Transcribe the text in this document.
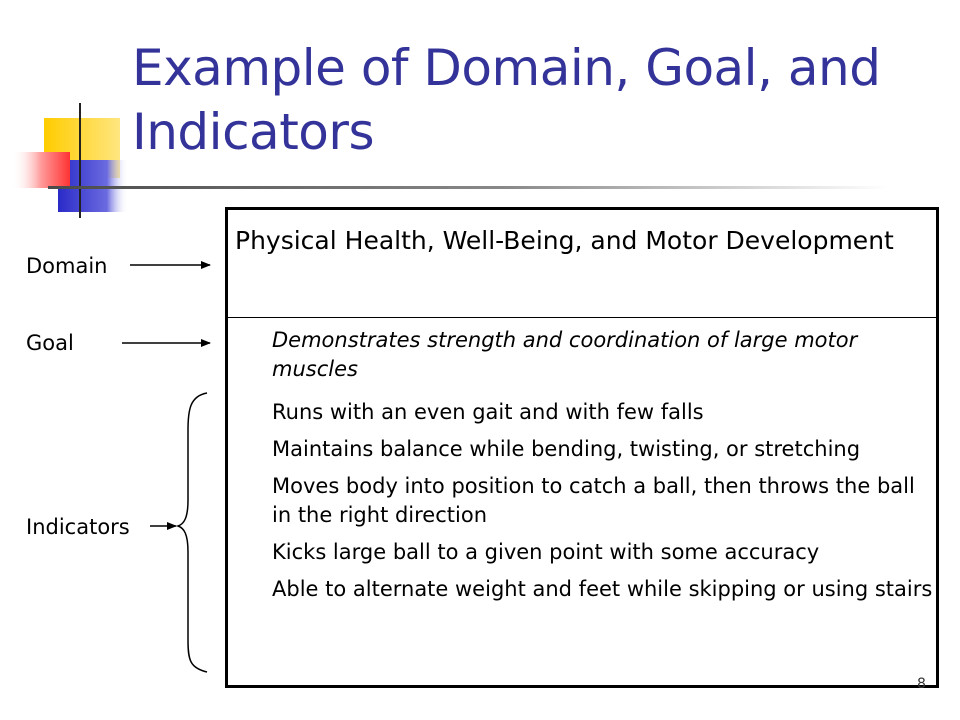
Example of Domain, Goal, and Indicators
Domain
Goal
Indicators
Physical Health, Well-Being, and Motor Development
Demonstrates strength and coordination of large motor muscles
Runs with an even gait and with few falls
Maintains balance while bending, twisting, or stretching
Moves body into position to catch a ball, then throws the ball in the right direction
Kicks large ball to a given point with some accuracy
Able to alternate weight and feet while skipping or using stairs
8
